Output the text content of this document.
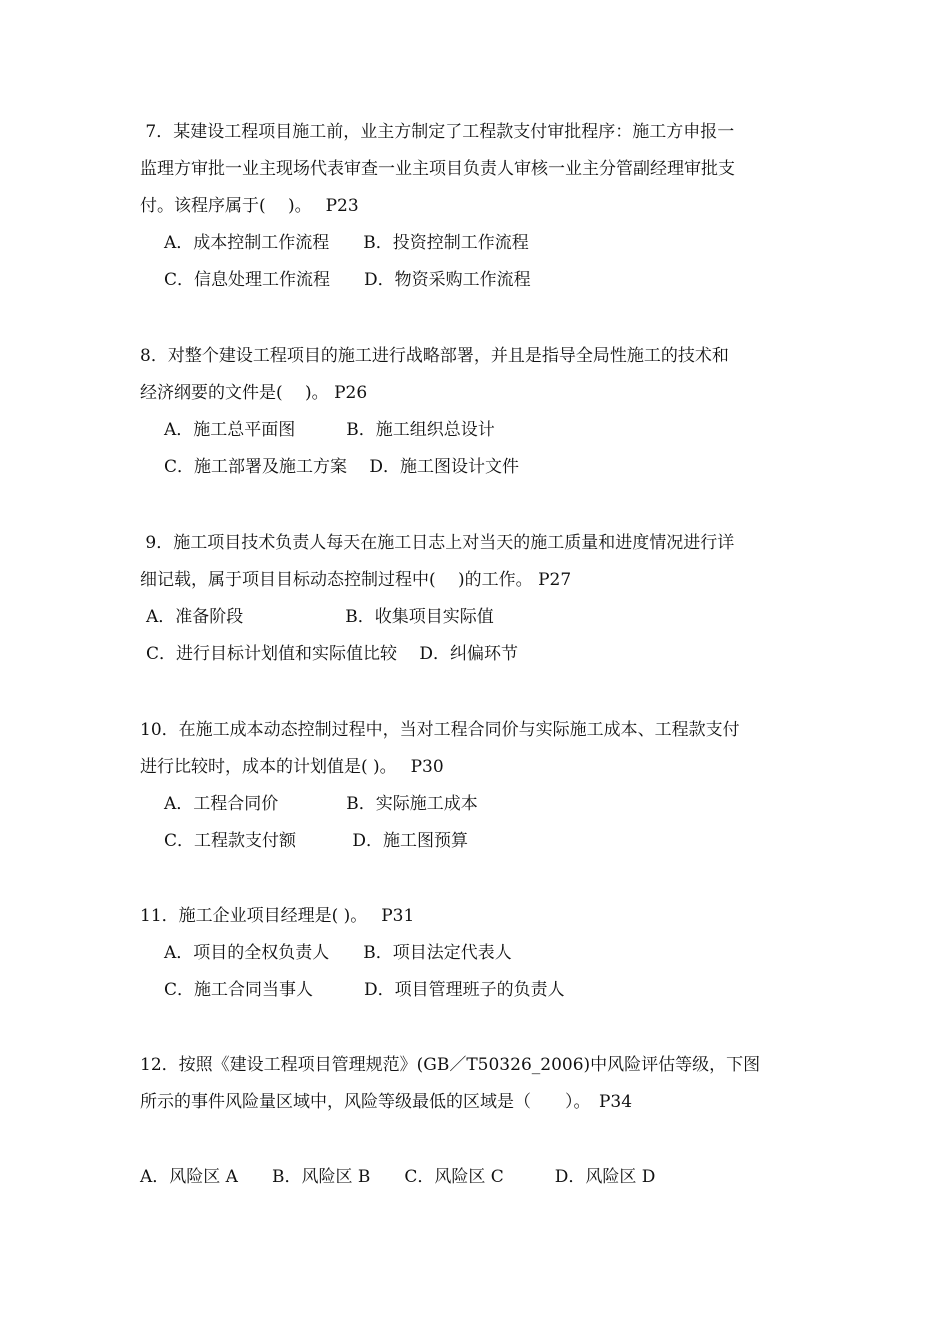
7．某建设工程项目施工前，业主方制定了工程款支付审批程序：施工方申报一
监理方审批一业主现场代表审查一业主项目负责人审核一业主分管副经理审批支
付。该程序属于(　 )。　 P23
A．成本控制工作流程　　B．投资控制工作流程
C．信息处理工作流程　　D．物资采购工作流程
8．对整个建设工程项目的施工进行战略部署，并且是指导全局性施工的技术和
经济纲要的文件是(　 )。 P26
A．施工总平面图　　　B．施工组织总设计
C．施工部署及施工方案　 D．施工图设计文件
9．施工项目技术负责人每天在施工日志上对当天的施工质量和进度情况进行详
细记载，属于项目目标动态控制过程中(　 )的工作。 P27
A．准备阶段　　　　　　B．收集项目实际值
C．进行目标计划值和实际值比较　 D．纠偏环节
10．在施工成本动态控制过程中，当对工程合同价与实际施工成本、工程款支付
进行比较时，成本的计划值是( )。　 P30
A．工程合同价　　　　B．实际施工成本
C．工程款支付额　　　 D．施工图预算
11．施工企业项目经理是( )。　 P31
A．项目的全权负责人　　B．项目法定代表人
C．施工合同当事人　　　D．项目管理班子的负责人
12．按照《建设工程项目管理规范》(GB／T50326_2006)中风险评估等级，下图
所示的事件风险量区域中，风险等级最低的区域是（　　）。　P34
A．风险区 A　　B．风险区 B　　C．风险区 C　　　D．风险区 D
